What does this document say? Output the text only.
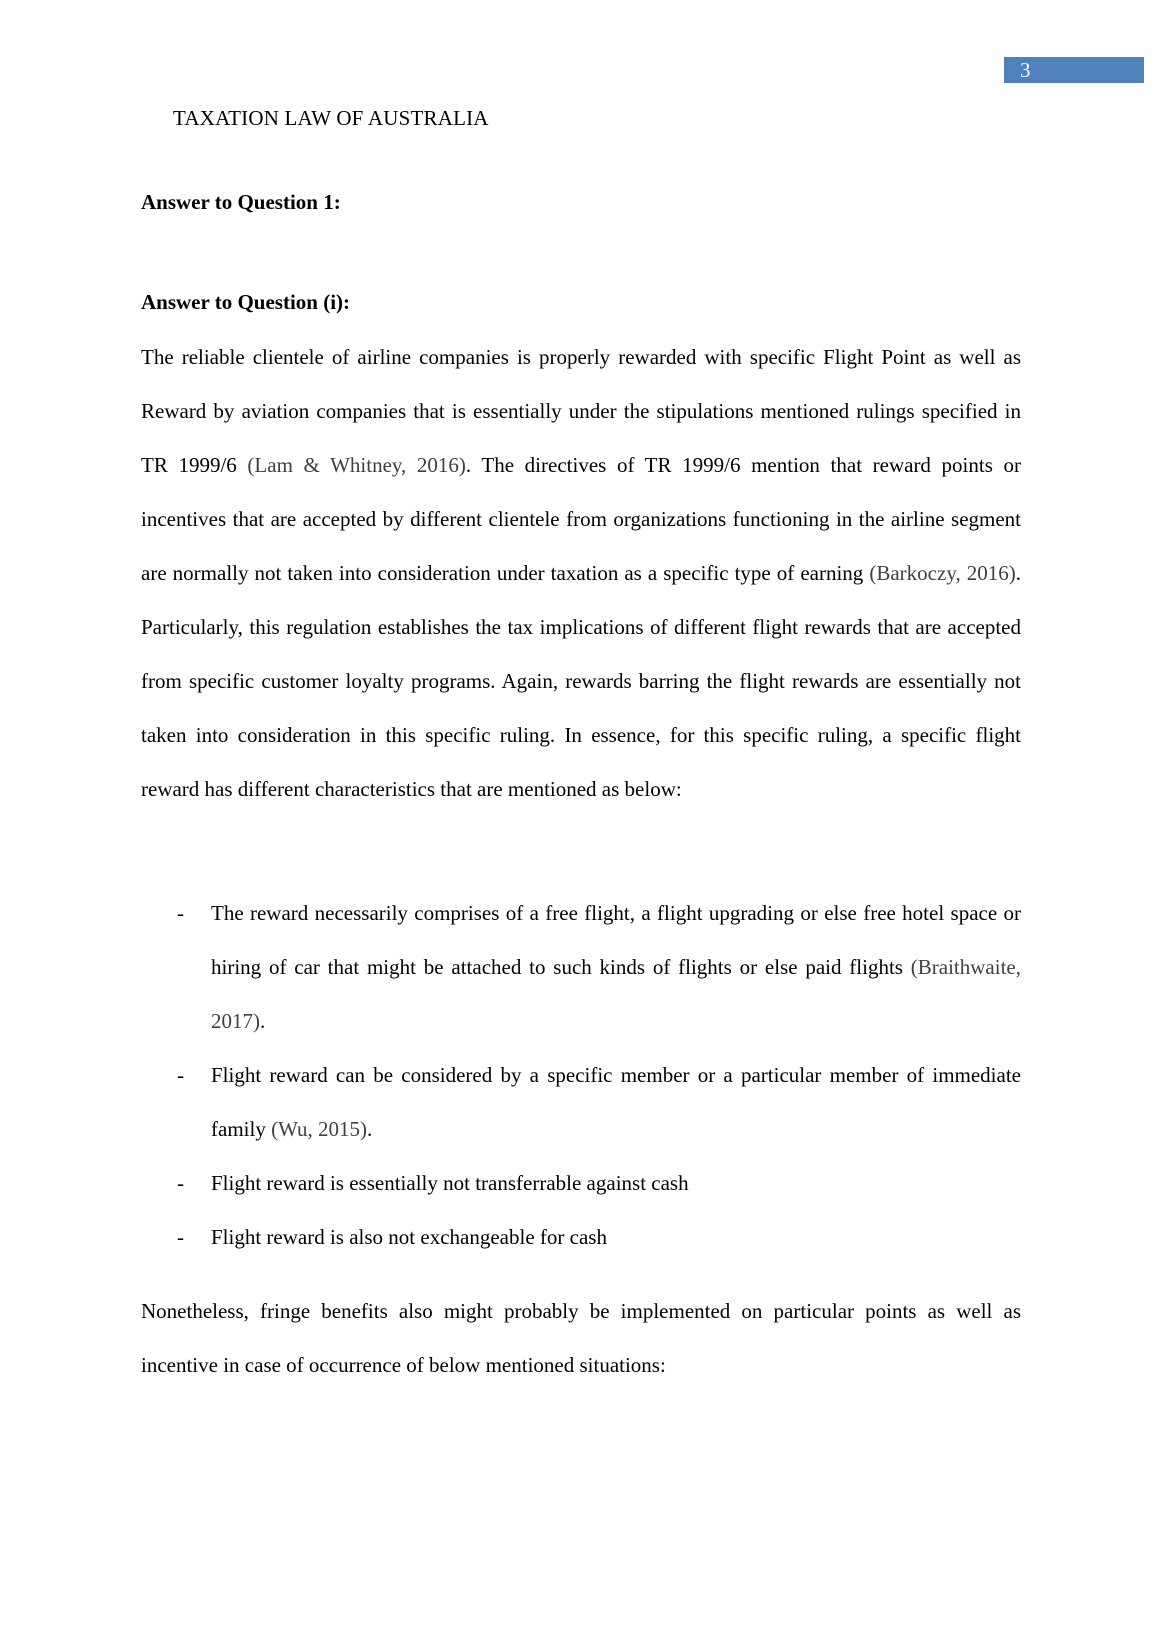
3
TAXATION LAW OF AUSTRALIA
Answer to Question 1:
Answer to Question (i):

The reliable clientele of airline companies is properly rewarded with specific Flight Point as well as Reward by aviation companies that is essentially under the stipulations mentioned rulings specified in TR 1999/6 (Lam & Whitney, 2016). The directives of TR 1999/6 mention that reward points or incentives that are accepted by different clientele from organizations functioning in the airline segment are normally not taken into consideration under taxation as a specific type of earning (Barkoczy, 2016). Particularly, this regulation establishes the tax implications of different flight rewards that are accepted from specific customer loyalty programs. Again, rewards barring the flight rewards are essentially not taken into consideration in this specific ruling. In essence, for this specific ruling, a specific flight reward has different characteristics that are mentioned as below:

- The reward necessarily comprises of a free flight, a flight upgrading or else free hotel space or hiring of car that might be attached to such kinds of flights or else paid flights (Braithwaite, 2017).
- Flight reward can be considered by a specific member or a particular member of immediate family (Wu, 2015).
- Flight reward is essentially not transferrable against cash
- Flight reward is also not exchangeable for cash

Nonetheless, fringe benefits also might probably be implemented on particular points as well as incentive in case of occurrence of below mentioned situations:
